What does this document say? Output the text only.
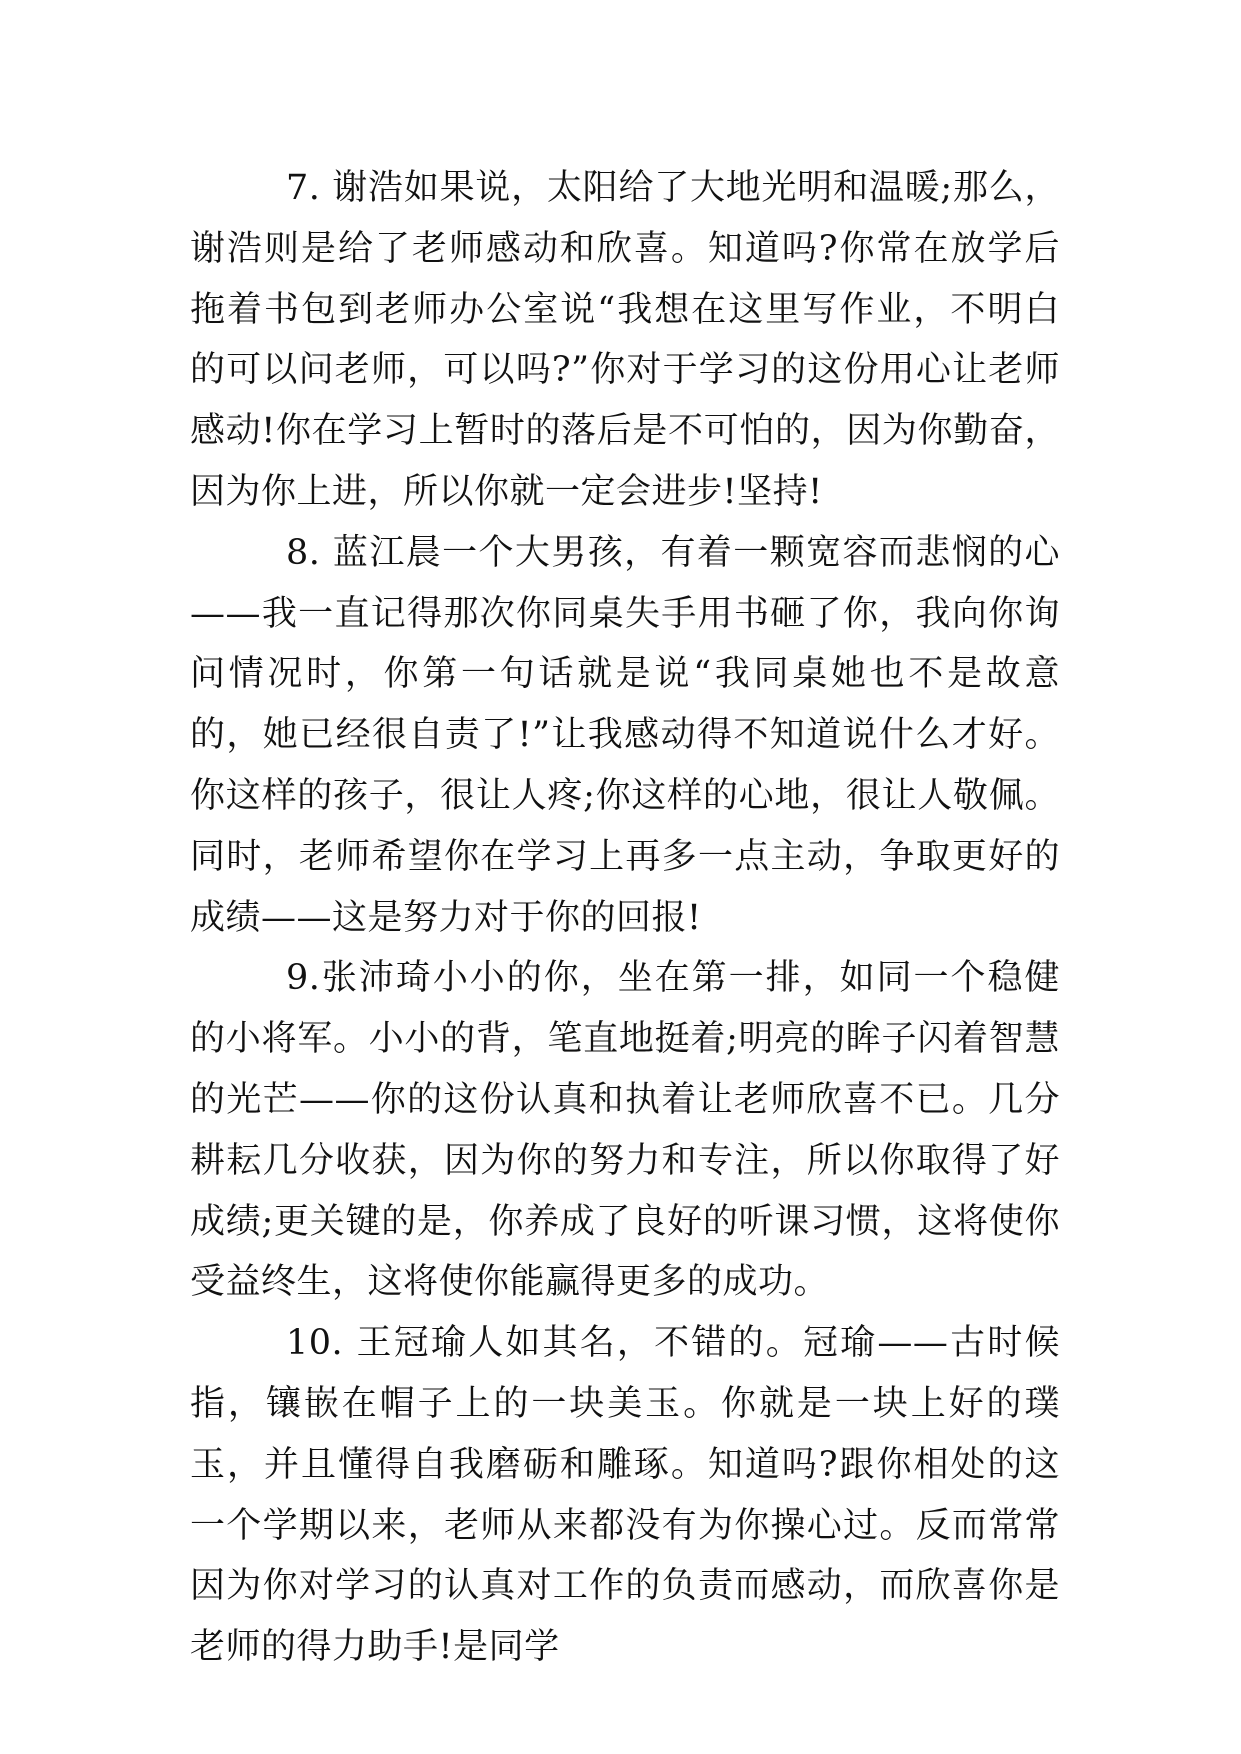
7. 谢浩如果说，太阳给了大地光明和温暖;那么，谢浩则是给了老师感动和欣喜。知道吗?你常在放学后拖着书包到老师办公室说“我想在这里写作业，不明白的可以问老师，可以吗?”你对于学习的这份用心让老师感动!你在学习上暂时的落后是不可怕的，因为你勤奋，因为你上进，所以你就一定会进步!坚持!

8. 蓝江晨一个大男孩，有着一颗宽容而悲悯的心——我一直记得那次你同桌失手用书砸了你，我向你询问情况时，你第一句话就是说“我同桌她也不是故意的，她已经很自责了!”让我感动得不知道说什么才好。你这样的孩子，很让人疼;你这样的心地，很让人敬佩。同时，老师希望你在学习上再多一点主动，争取更好的成绩——这是努力对于你的回报!

9.张沛琦小小的你，坐在第一排，如同一个稳健的小将军。小小的背，笔直地挺着;明亮的眸子闪着智慧的光芒——你的这份认真和执着让老师欣喜不已。几分耕耘几分收获，因为你的努力和专注，所以你取得了好成绩;更关键的是，你养成了良好的听课习惯，这将使你受益终生，这将使你能赢得更多的成功。

10. 王冠瑜人如其名，不错的。冠瑜——古时候指，镶嵌在帽子上的一块美玉。你就是一块上好的璞玉，并且懂得自我磨砺和雕琢。知道吗?跟你相处的这一个学期以来，老师从来都没有为你操心过。反而常常因为你对学习的认真对工作的负责而感动，而欣喜你是老师的得力助手!是同学
